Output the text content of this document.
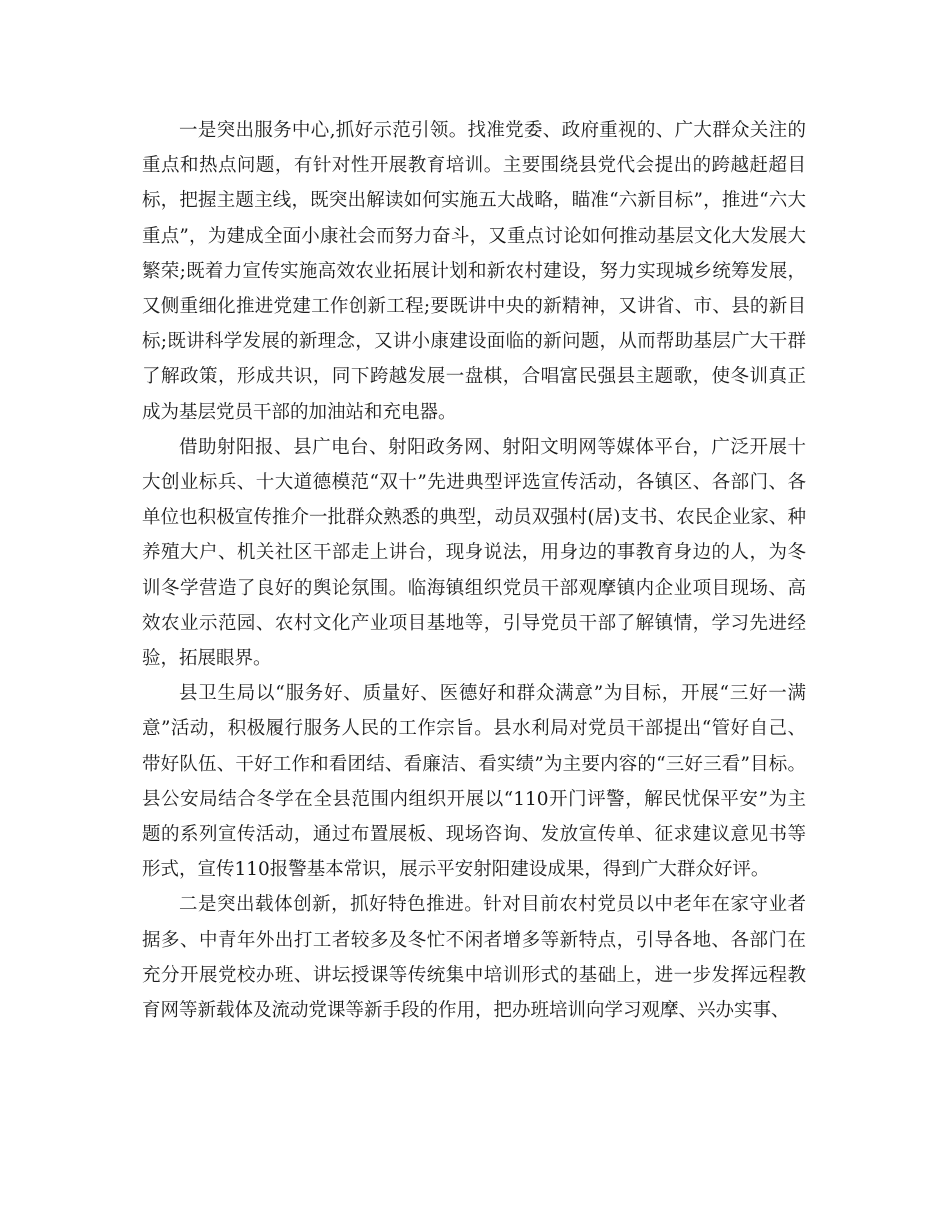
一是突出服务中心,抓好示范引领。找准党委、政府重视的、广大群众关注的重点和热点问题，有针对性开展教育培训。主要围绕县党代会提出的跨越赶超目标，把握主题主线，既突出解读如何实施五大战略，瞄准“六新目标”，推进“六大重点”，为建成全面小康社会而努力奋斗，又重点讨论如何推动基层文化大发展大繁荣;既着力宣传实施高效农业拓展计划和新农村建设，努力实现城乡统筹发展，又侧重细化推进党建工作创新工程;要既讲中央的新精神，又讲省、市、县的新目标;既讲科学发展的新理念，又讲小康建设面临的新问题，从而帮助基层广大干群了解政策，形成共识，同下跨越发展一盘棋，合唱富民强县主题歌，使冬训真正成为基层党员干部的加油站和充电器。

借助射阳报、县广电台、射阳政务网、射阳文明网等媒体平台，广泛开展十大创业标兵、十大道德模范“双十”先进典型评选宣传活动，各镇区、各部门、各单位也积极宣传推介一批群众熟悉的典型，动员双强村(居)支书、农民企业家、种养殖大户、机关社区干部走上讲台，现身说法，用身边的事教育身边的人，为冬训冬学营造了良好的舆论氛围。临海镇组织党员干部观摩镇内企业项目现场、高效农业示范园、农村文化产业项目基地等，引导党员干部了解镇情，学习先进经验，拓展眼界。

县卫生局以“服务好、质量好、医德好和群众满意”为目标，开展“三好一满意”活动，积极履行服务人民的工作宗旨。县水利局对党员干部提出“管好自己、带好队伍、干好工作和看团结、看廉洁、看实绩”为主要内容的“三好三看”目标。县公安局结合冬学在全县范围内组织开展以“110开门评警，解民忧保平安”为主题的系列宣传活动，通过布置展板、现场咨询、发放宣传单、征求建议意见书等形式，宣传110报警基本常识，展示平安射阳建设成果，得到广大群众好评。

二是突出载体创新，抓好特色推进。针对目前农村党员以中老年在家守业者据多、中青年外出打工者较多及冬忙不闲者增多等新特点，引导各地、各部门在充分开展党校办班、讲坛授课等传统集中培训形式的基础上，进一步发挥远程教育网等新载体及流动党课等新手段的作用，把办班培训向学习观摩、兴办实事、
